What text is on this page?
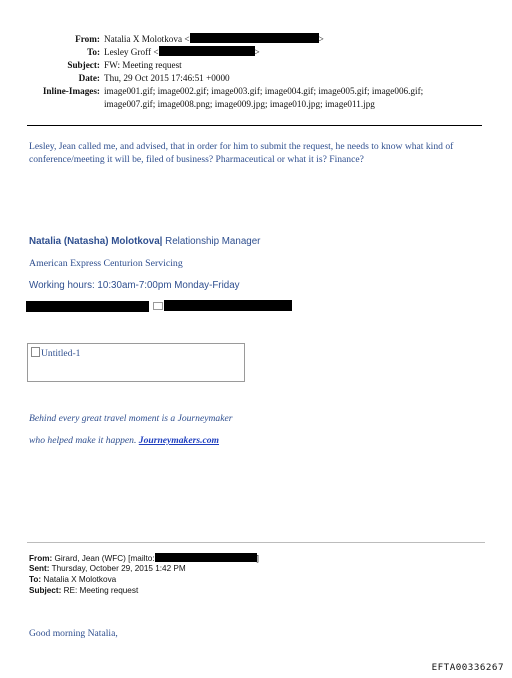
From: Natalia X Molotkova <	>
To: Lesley Groff <	>
Subject: FW: Meeting request
Date: Thu, 29 Oct 2015 17:46:51 +0000
Inline-Images: image001.gif; image002.gif; image003.gif; image004.gif; image005.gif; image006.gif;
image007.gif; image008.png; image009.jpg; image010.jpg; image011.jpg
Lesley, Jean called me, and advised, that in order for him to submit the request, he needs to know what kind of
conference/meeting it will be, filed of business? Pharmaceutical or what it is? Finance?
Natalia (Natasha) Molotkova| Relationship Manager
American Express Centurion Servicing
Working hours: 10:30am-7:00pm Monday-Friday
Untitled-1
Behind every great travel moment is a Journeymaker
who helped make it happen. Journeymakers.com
From: Girard, Jean (WFC) [mailto:	]
Sent: Thursday, October 29, 2015 1:42 PM
To: Natalia X Molotkova
Subject: RE: Meeting request
Good morning Natalia,
EFTA00336267
